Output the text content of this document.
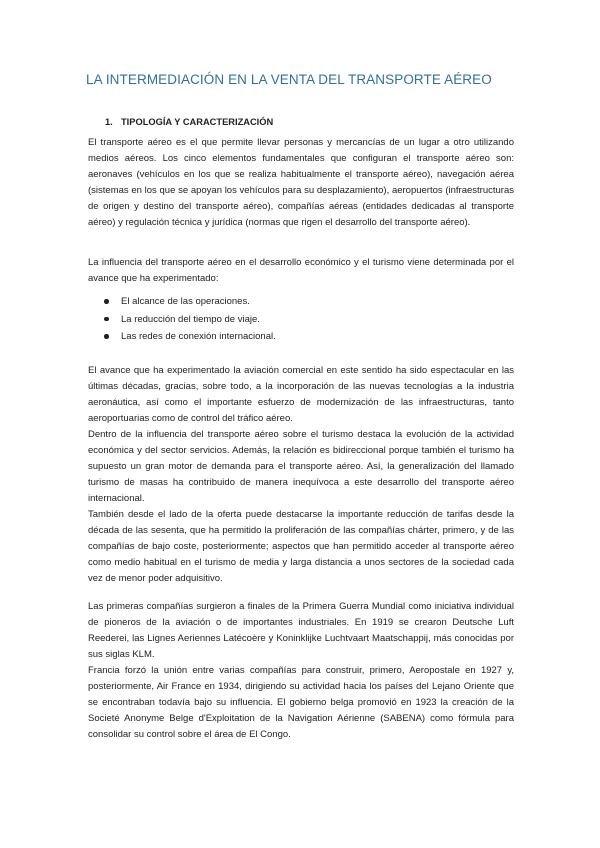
LA INTERMEDIACIÓN EN LA VENTA DEL TRANSPORTE AÉREO
1. TIPOLOGÍA Y CARACTERIZACIÓN

El transporte aéreo es el que permite llevar personas y mercancías de un lugar a otro utilizando medios aéreos. Los cinco elementos fundamentales que configuran el transporte aéreo son: aeronaves (vehículos en los que se realiza habitualmente el transporte aéreo), navegación aérea (sistemas en los que se apoyan los vehículos para su desplazamiento), aeropuertos (infraestructuras de origen y destino del transporte aéreo), compañías aéreas (entidades dedicadas al transporte aéreo) y regulación técnica y jurídica (normas que rigen el desarrollo del transporte aéreo).

La influencia del transporte aéreo en el desarrollo económico y el turismo viene determinada por el avance que ha experimentado:

El alcance de las operaciones.
La reducción del tiempo de viaje.
Las redes de conexión internacional.

El avance que ha experimentado la aviación comercial en este sentido ha sido espectacular en las últimas décadas, gracias, sobre todo, a la incorporación de las nuevas tecnologías a la industria aeronáutica, así como el importante esfuerzo de modernización de las infraestructuras, tanto aeroportuarias como de control del tráfico aéreo.

Dentro de la influencia del transporte aéreo sobre el turismo destaca la evolución de la actividad económica y del sector servicios. Además, la relación es bidireccional porque también el turismo ha supuesto un gran motor de demanda para el transporte aéreo. Así, la generalización del llamado turismo de masas ha contribuido de manera inequívoca a este desarrollo del transporte aéreo internacional.

También desde el lado de la oferta puede destacarse la importante reducción de tarifas desde la década de las sesenta, que ha permitido la proliferación de las compañías chárter, primero, y de las compañías de bajo coste, posteriormente; aspectos que han permitido acceder al transporte aéreo como medio habitual en el turismo de media y larga distancia a unos sectores de la sociedad cada vez de menor poder adquisitivo.

Las primeras compañías surgieron a finales de la Primera Guerra Mundial como iniciativa individual de pioneros de la aviación o de importantes industriales. En 1919 se crearon Deutsche Luft Reederei, las Lignes Aeriennes Latécoère y Koninklijke Luchtvaart Maatschappij, más conocidas por sus siglas KLM.

Francia forzó la unión entre varias compañías para construir, primero, Aeropostale en 1927 y, posteriormente, Air France en 1934, dirigiendo su actividad hacia los países del Lejano Oriente que se encontraban todavía bajo su influencia. El gobierno belga promovió en 1923 la creación de la Societé Anonyme Belge d'Exploitation de la Navigation Aérienne (SABENA) como fórmula para consolidar su control sobre el área de El Congo.
